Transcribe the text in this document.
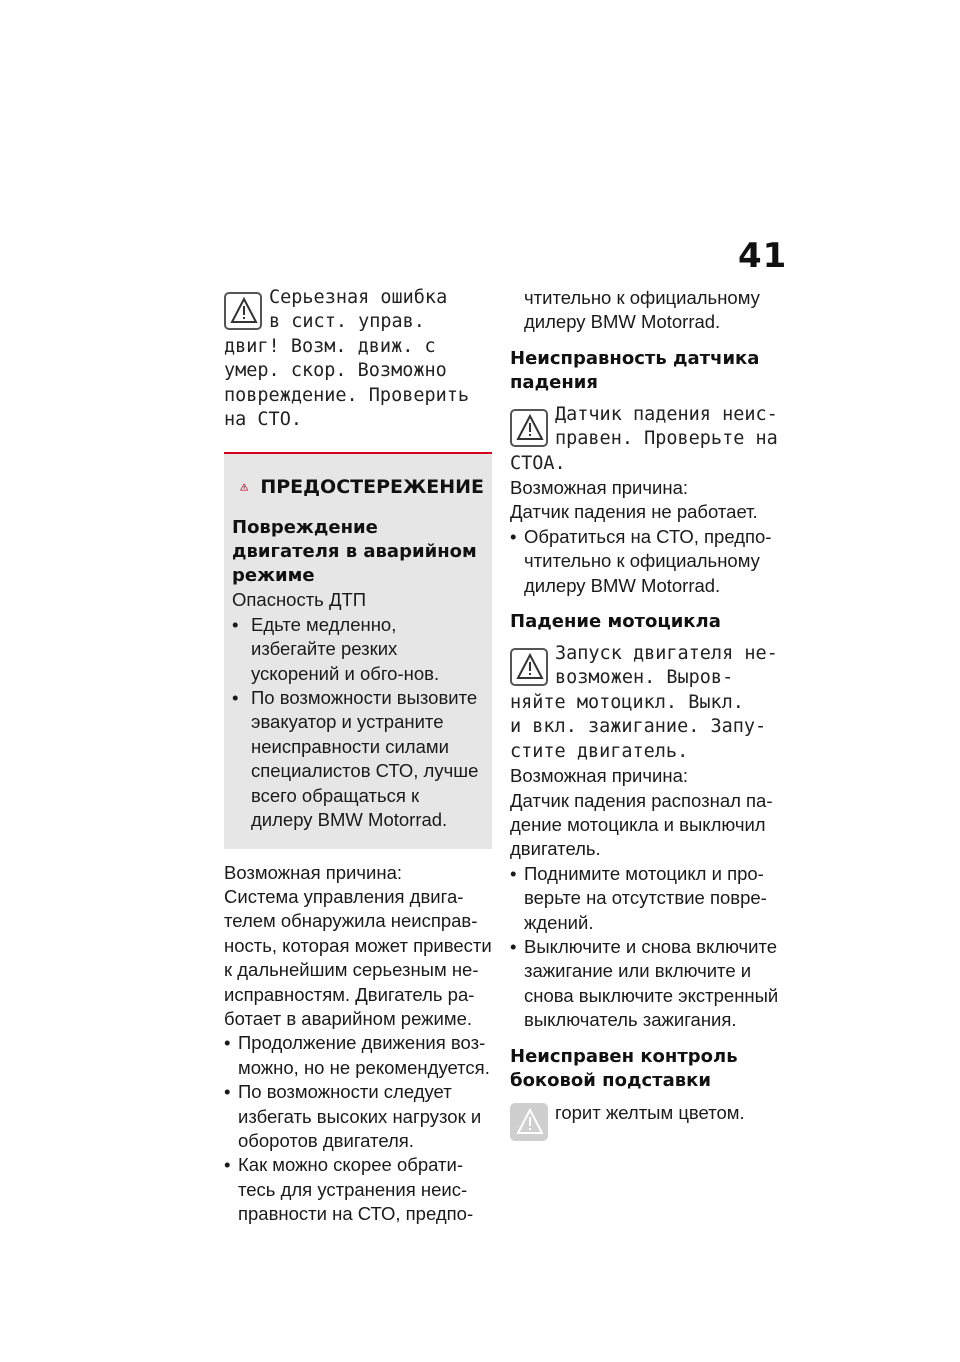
41
Серьезная ошибка
в сист. управ.
двиг! Возм. движ. с
умер. скор. Возможно
повреждение. Проверить
на СТО.
ПРЕДОСТЕРЕЖЕНИЕ
Повреждение двигателя в аварийном режиме
Опасность ДТП
• Едьте медленно, избегайте резких ускорений и обго-нов.
• По возможности вызовите эвакуатор и устраните неисправности силами специалистов СТО, лучше всего обращаться к дилеру BMW Motorrad.
Возможная причина:
Система управления двига-телем обнаружила неисправ-ность, которая может привести к дальнейшим серьезным не-исправностям. Двигатель ра-ботает в аварийном режиме.
• Продолжение движения воз-можно, но не рекомендуется.
• По возможности следует избегать высоких нагрузок и оборотов двигателя.
• Как можно скорее обрати-тесь для устранения неис-правности на СТО, предпо-
чтительно к официальному дилеру BMW Motorrad.
Неисправность датчика падения
Датчик падения неис-
правен. Проверьте на
СТОА.
Возможная причина:
Датчик падения не работает.
• Обратиться на СТО, предпо-чтительно к официальному дилеру BMW Motorrad.
Падение мотоцикла
Запуск двигателя не-
возможен. Выров-
няйте мотоцикл. Выкл.
и вкл. зажигание. Запу-
стите двигатель.
Возможная причина:
Датчик падения распознал па-дение мотоцикла и выключил двигатель.
• Поднимите мотоцикл и про-верьте на отсутствие повре-ждений.
• Выключите и снова включите зажигание или включите и снова выключите экстренный выключатель зажигания.
Неисправен контроль боковой подставки
горит желтым цветом.
